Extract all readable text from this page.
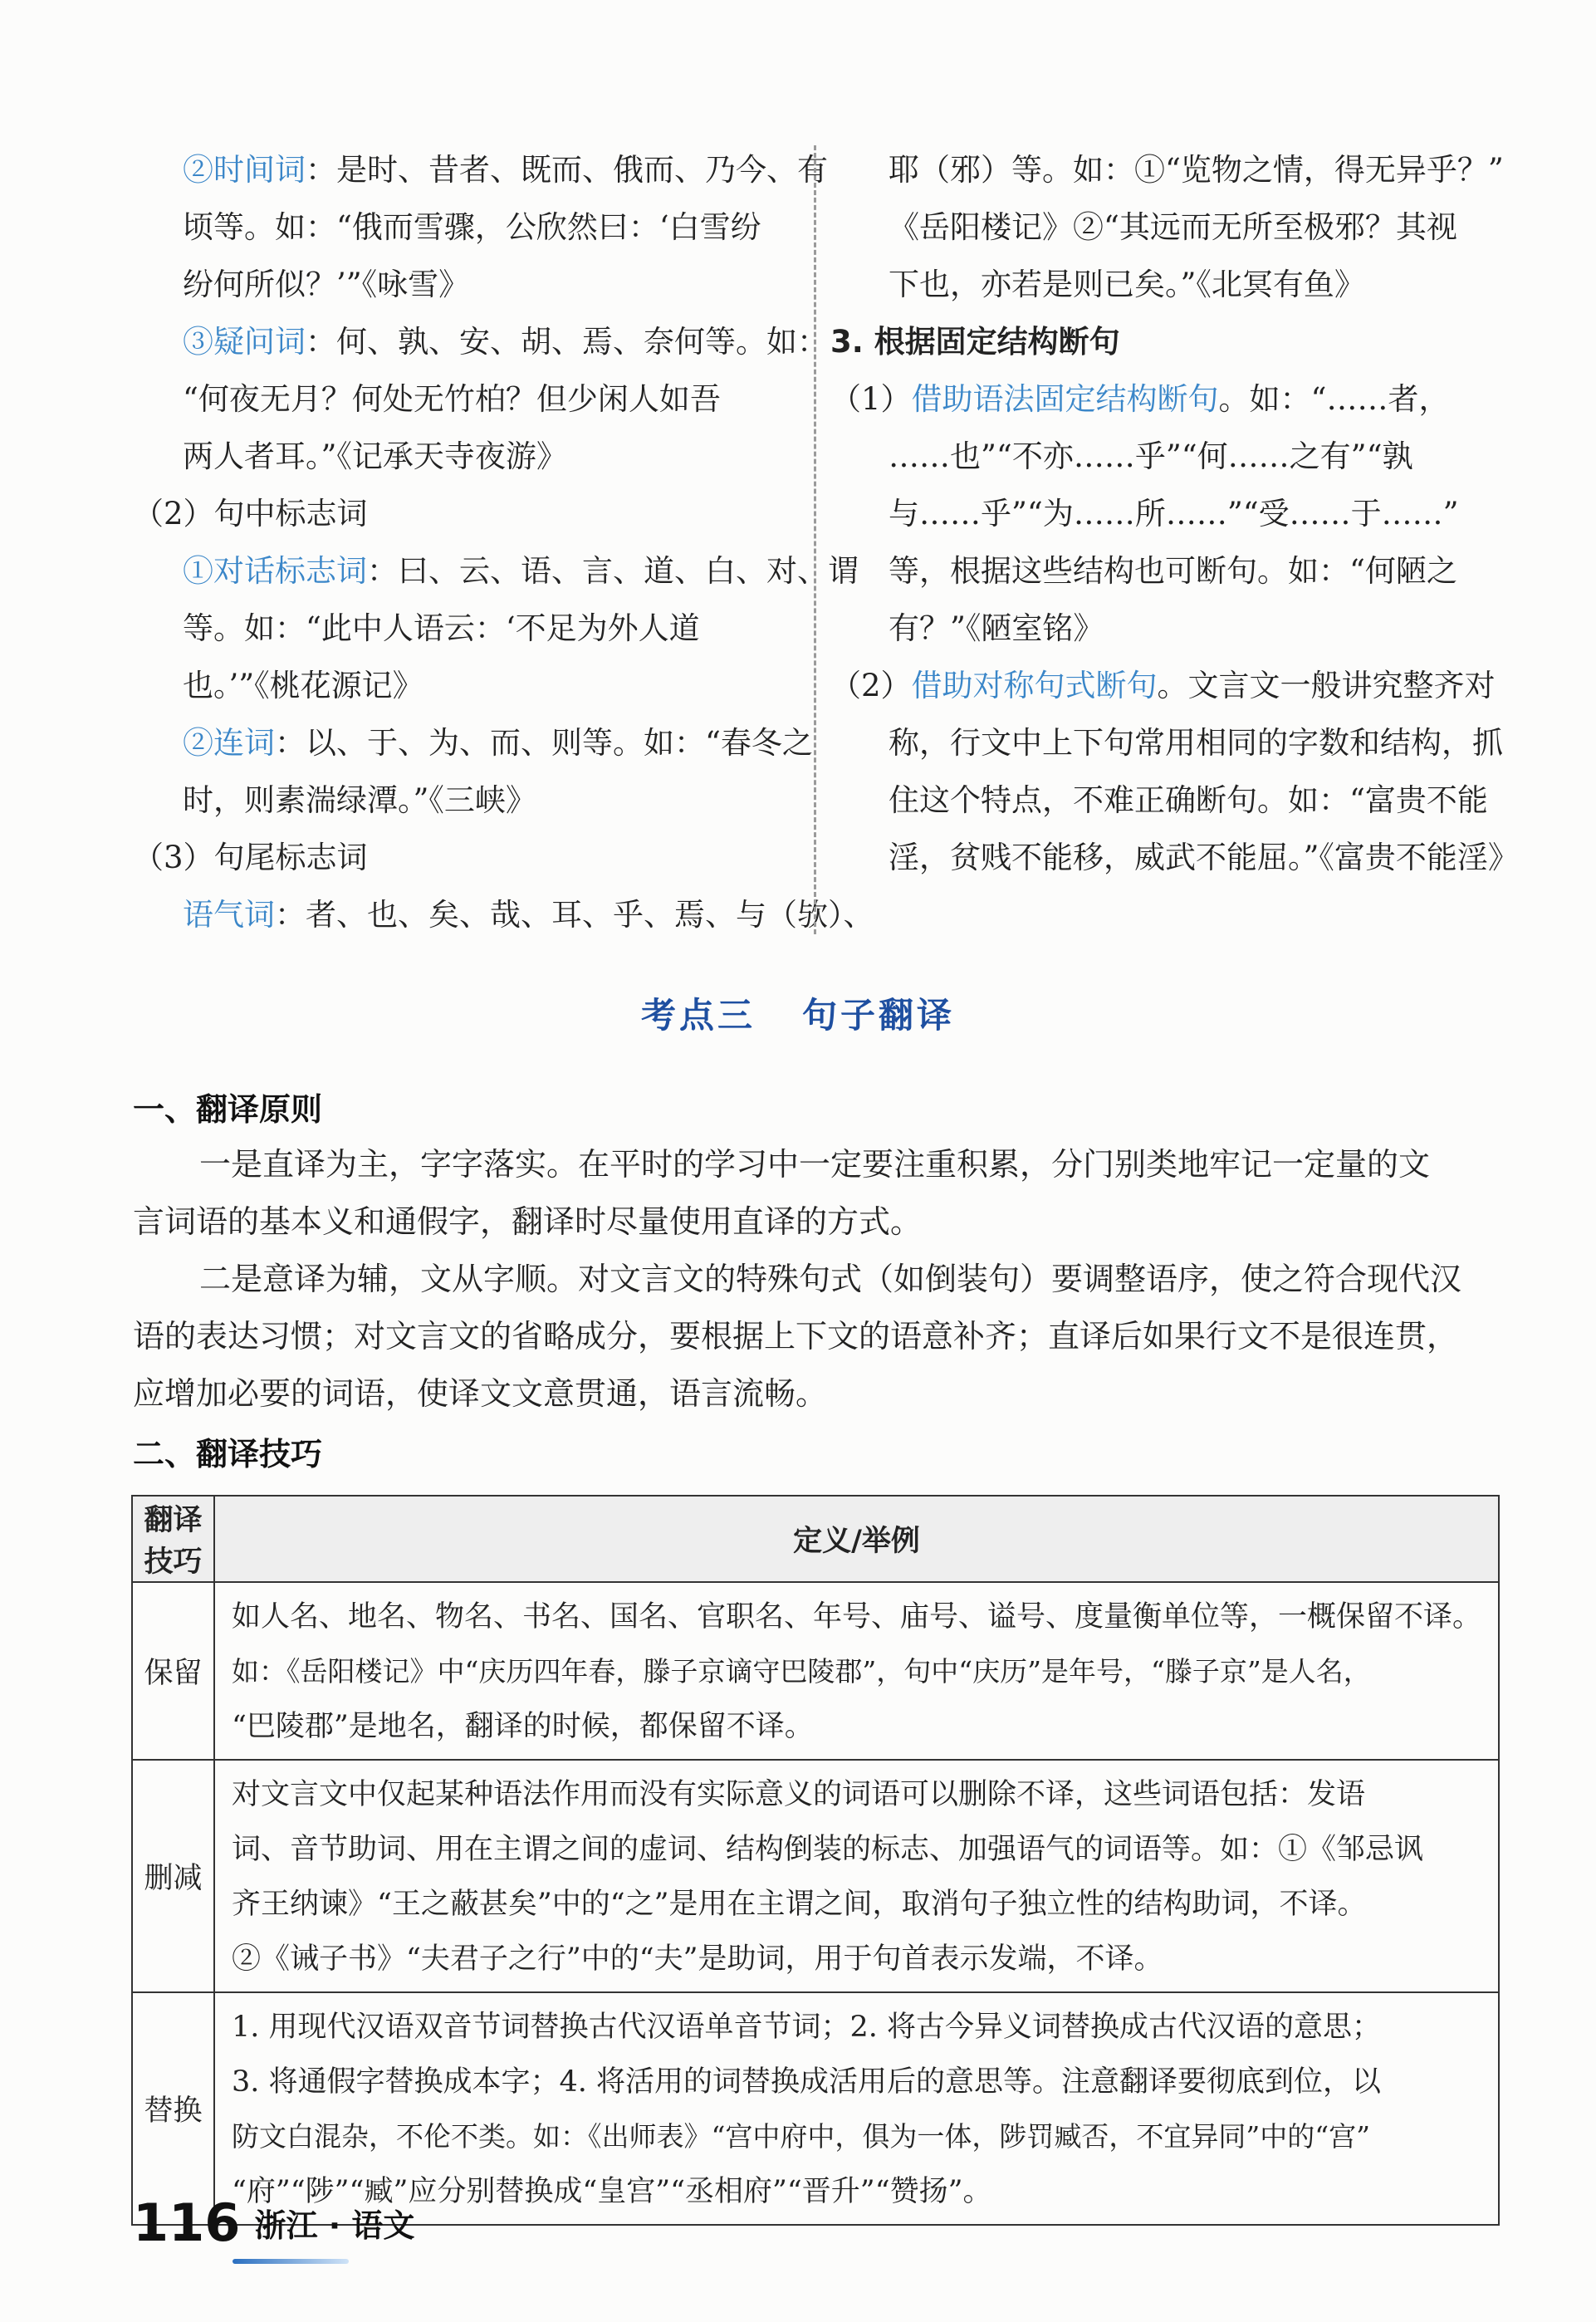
②时间词：是时、昔者、既而、俄而、乃今、有
顷等。如：“俄而雪骤，公欣然曰：‘白雪纷
纷何所似？’”《咏雪》
③疑问词：何、孰、安、胡、焉、奈何等。如：
“何夜无月？何处无竹柏？但少闲人如吾
两人者耳。”《记承天寺夜游》
（2）句中标志词
①对话标志词：曰、云、语、言、道、白、对、谓
等。如：“此中人语云：‘不足为外人道
也。’”《桃花源记》
②连词：以、于、为、而、则等。如：“春冬之
时，则素湍绿潭。”《三峡》
（3）句尾标志词
语气词：者、也、矣、哉、耳、乎、焉、与（欤）、
耶（邪）等。如：①“览物之情，得无异乎？”
《岳阳楼记》②“其远而无所至极邪？其视
下也，亦若是则已矣。”《北冥有鱼》
3. 根据固定结构断句
（1）借助语法固定结构断句。如：“……者，
……也”“不亦……乎”“何……之有”“孰
与……乎”“为……所……”“受……于……”
等，根据这些结构也可断句。如：“何陋之
有？”《陋室铭》
（2）借助对称句式断句。文言文一般讲究整齐对
称，行文中上下句常用相同的字数和结构，抓
住这个特点，不难正确断句。如：“富贵不能
淫，贫贱不能移，威武不能屈。”《富贵不能淫》
考点三 句子翻译
一、翻译原则
一是直译为主，字字落实。在平时的学习中一定要注重积累，分门别类地牢记一定量的文
言词语的基本义和通假字，翻译时尽量使用直译的方式。
二是意译为辅，文从字顺。对文言文的特殊句式（如倒装句）要调整语序，使之符合现代汉
语的表达习惯；对文言文的省略成分，要根据上下文的语意补齐；直译后如果行文不是很连贯，
应增加必要的词语，使译文文意贯通，语言流畅。
二、翻译技巧
翻译技巧	定义/举例
保留	如人名、地名、物名、书名、国名、官职名、年号、庙号、谥号、度量衡单位等，一概保留不译。
如：《岳阳楼记》中“庆历四年春，滕子京谪守巴陵郡”，句中“庆历”是年号，“滕子京”是人名，
“巴陵郡”是地名，翻译的时候，都保留不译。

删减	对文言文中仅起某种语法作用而没有实际意义的词语可以删除不译，这些词语包括：发语
词、音节助词、用在主谓之间的虚词、结构倒装的标志、加强语气的词语等。如：①《邹忌讽
齐王纳谏》“王之蔽甚矣”中的“之”是用在主谓之间，取消句子独立性的结构助词，不译。
②《诫子书》“夫君子之行”中的“夫”是助词，用于句首表示发端，不译。

替换	1. 用现代汉语双音节词替换古代汉语单音节词；2. 将古今异义词替换成古代汉语的意思；
3. 将通假字替换成本字；4. 将活用的词替换成活用后的意思等。注意翻译要彻底到位，以
防文白混杂，不伦不类。如：《出师表》“宫中府中，俱为一体，陟罚臧否，不宜异同”中的“宫”
“府”“陟”“臧”应分别替换成“皇宫”“丞相府”“晋升”“赞扬”。
116 浙江 · 语文
